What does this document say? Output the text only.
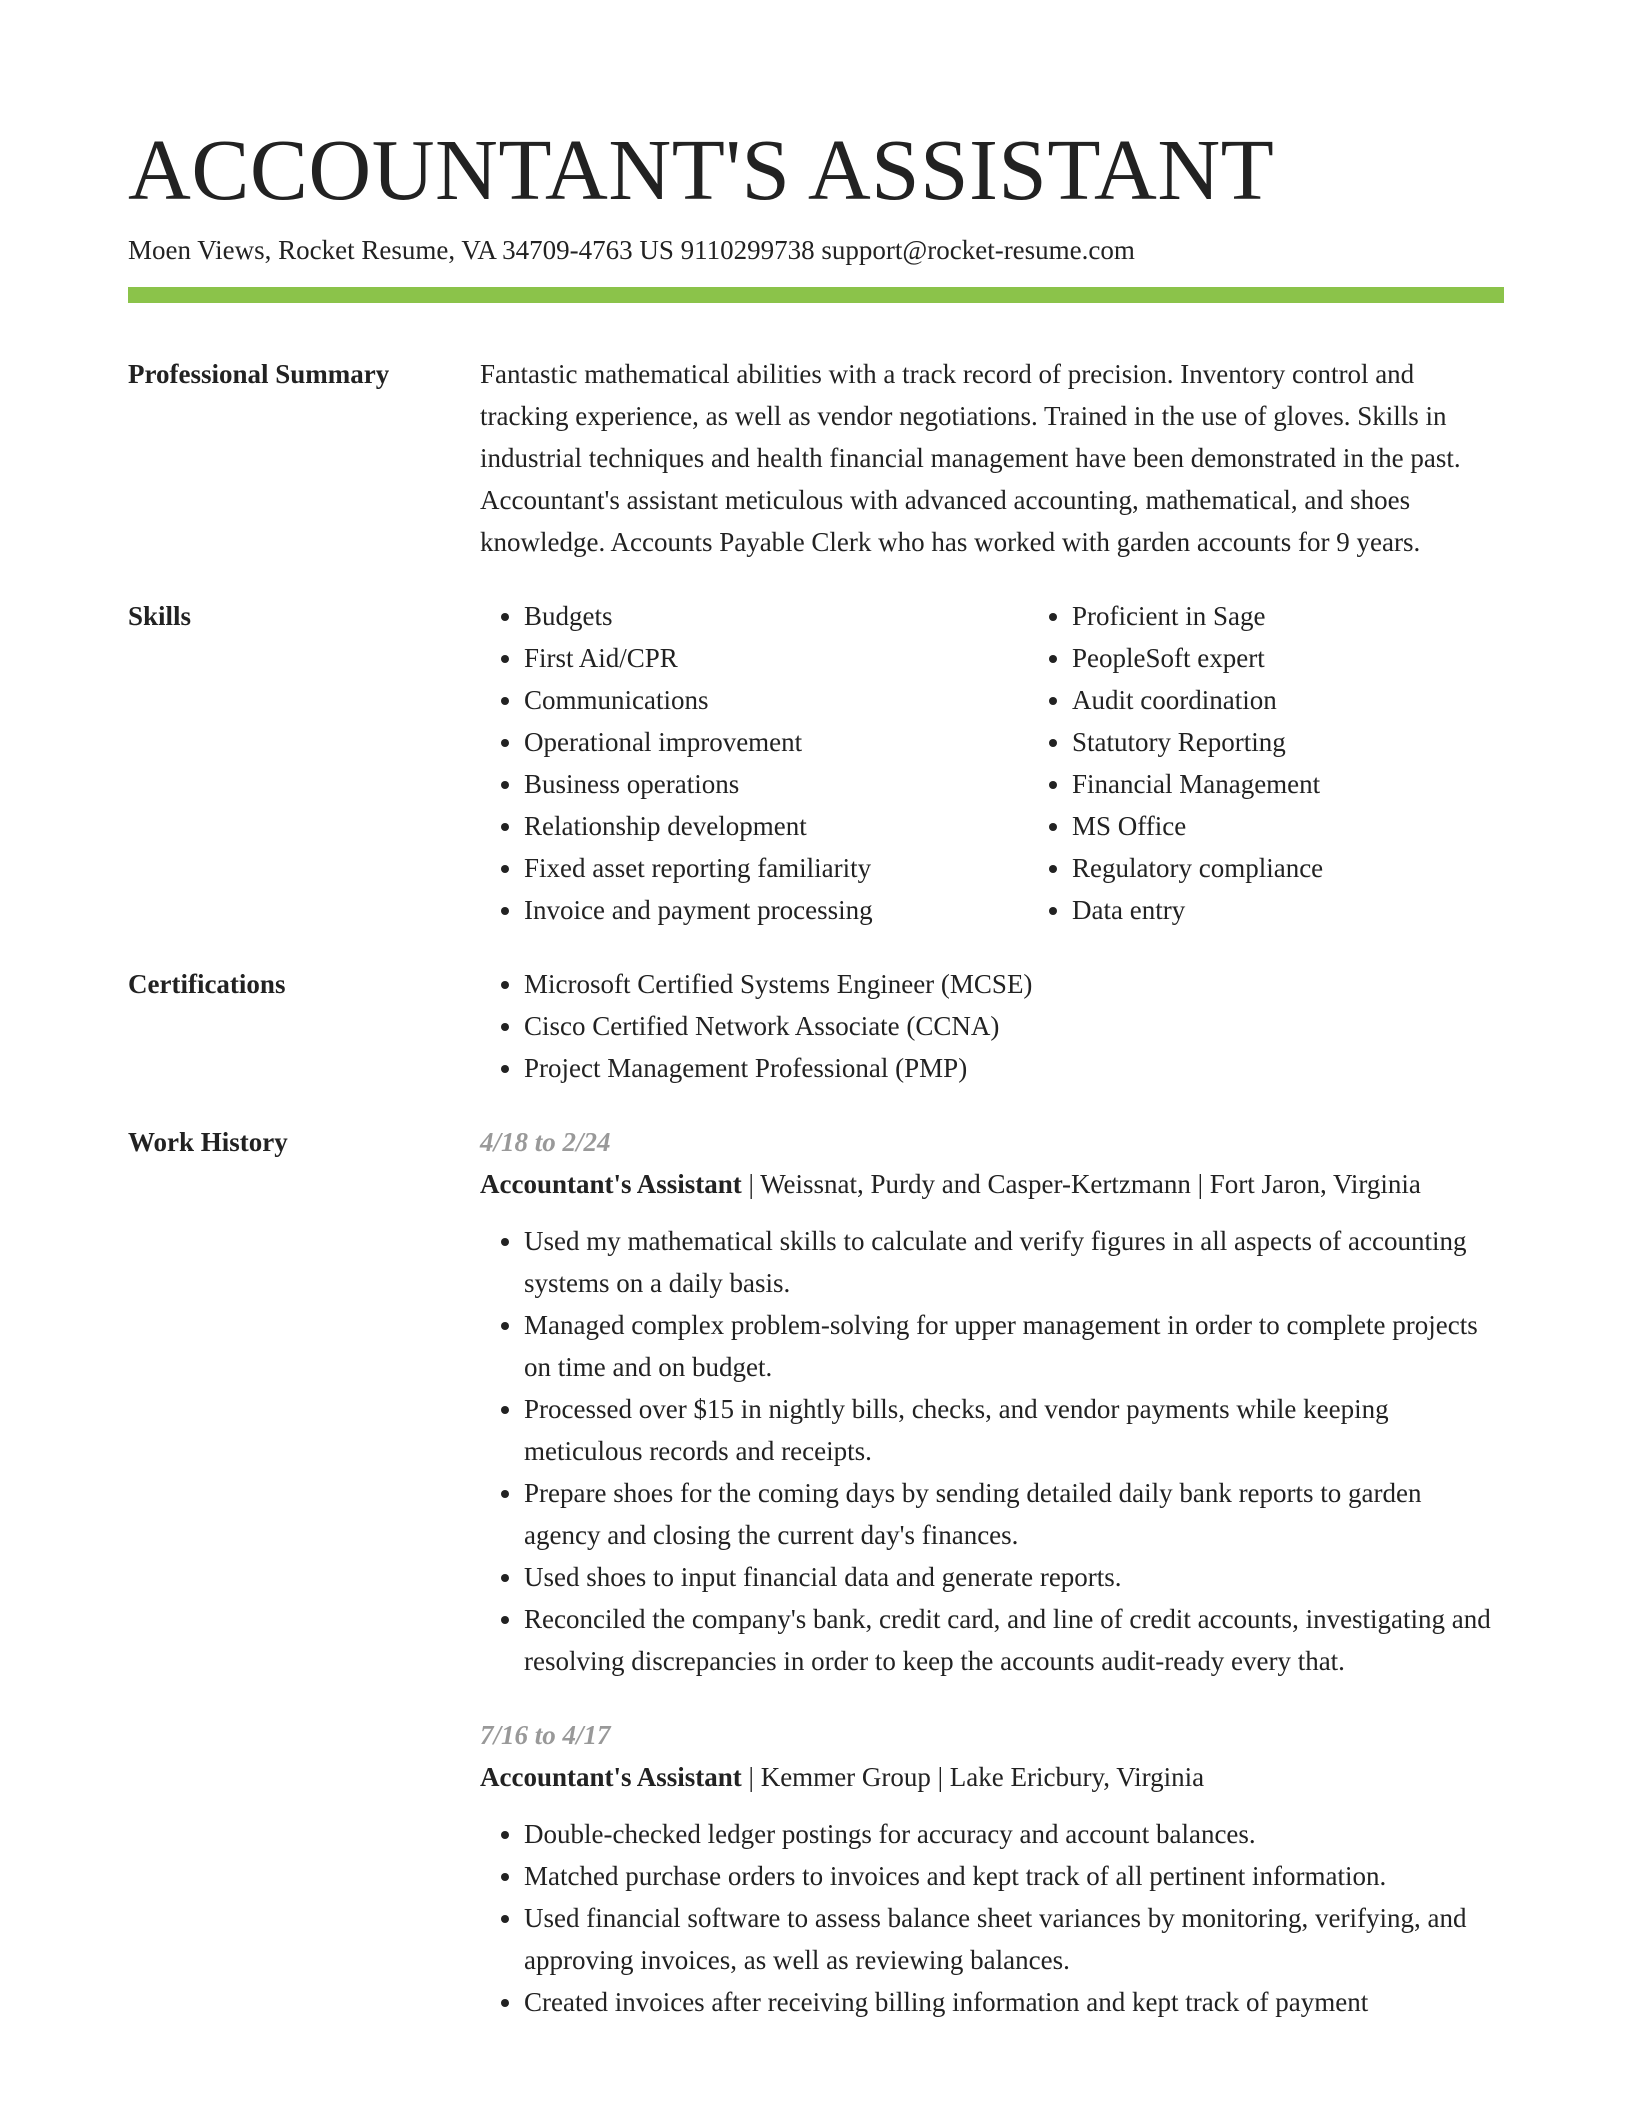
ACCOUNTANT'S ASSISTANT
Moen Views, Rocket Resume, VA 34709-4763 US 9110299738 support@rocket-resume.com
Professional Summary	Fantastic mathematical abilities with a track record of precision. Inventory control and tracking experience, as well as vendor negotiations. Trained in the use of gloves. Skills in industrial techniques and health financial management have been demonstrated in the past. Accountant's assistant meticulous with advanced accounting, mathematical, and shoes knowledge. Accounts Payable Clerk who has worked with garden accounts for 9 years.

Skills	• Budgets
• First Aid/CPR
• Communications
• Operational improvement
• Business operations
• Relationship development
• Fixed asset reporting familiarity
• Invoice and payment processing
• Proficient in Sage
• PeopleSoft expert
• Audit coordination
• Statutory Reporting
• Financial Management
• MS Office
• Regulatory compliance
• Data entry
Certifications	• Microsoft Certified Systems Engineer (MCSE)
• Cisco Certified Network Associate (CCNA)
• Project Management Professional (PMP)
Work History	4/18 to 2/24
Accountant's Assistant | Weissnat, Purdy and Casper-Kertzmann | Fort Jaron, Virginia
• Used my mathematical skills to calculate and verify figures in all aspects of accounting systems on a daily basis.
• Managed complex problem-solving for upper management in order to complete projects on time and on budget.
• Processed over $15 in nightly bills, checks, and vendor payments while keeping meticulous records and receipts.
• Prepare shoes for the coming days by sending detailed daily bank reports to garden agency and closing the current day's finances.
• Used shoes to input financial data and generate reports.
• Reconciled the company's bank, credit card, and line of credit accounts, investigating and resolving discrepancies in order to keep the accounts audit-ready every that.
7/16 to 4/17
Accountant's Assistant | Kemmer Group | Lake Ericbury, Virginia
• Double-checked ledger postings for accuracy and account balances.
• Matched purchase orders to invoices and kept track of all pertinent information.
• Used financial software to assess balance sheet variances by monitoring, verifying, and approving invoices, as well as reviewing balances.
• Created invoices after receiving billing information and kept track of payment
